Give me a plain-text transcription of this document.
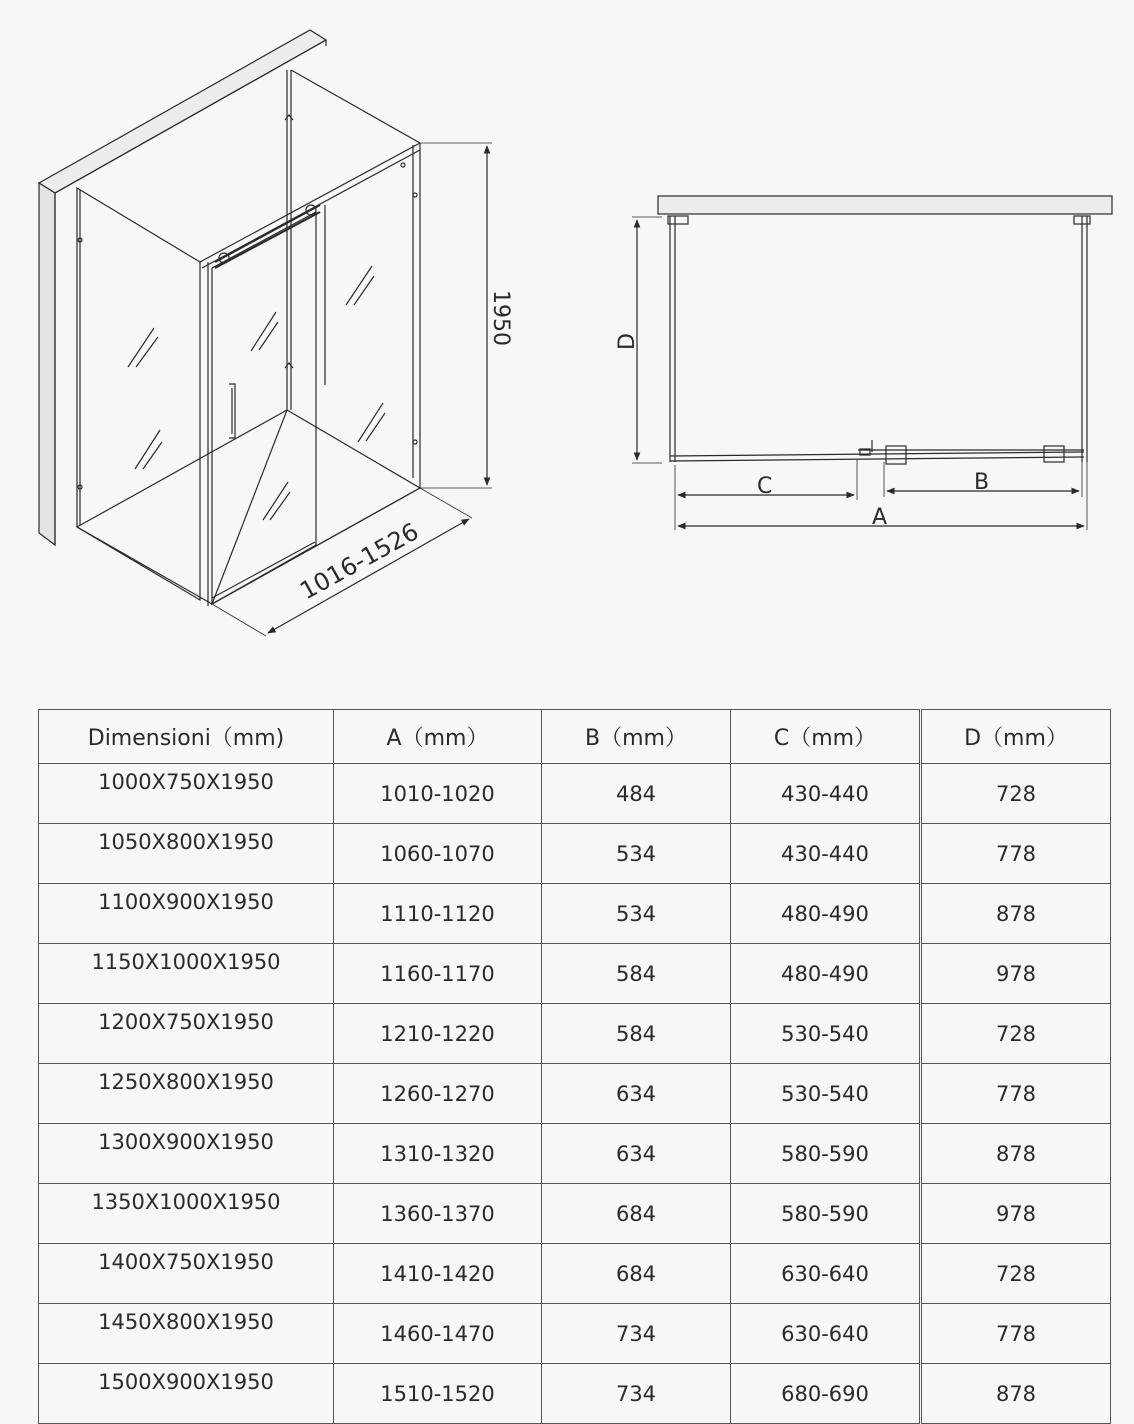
1950
1016-1526
D
C	B
A
Dimensioni（mm)	A（mm）	B（mm）	C（mm）	D（mm）
1000X750X1950	1010-1020	484	430-440	728
1050X800X1950	1060-1070	534	430-440	778
1100X900X1950	1110-1120	534	480-490	878
1150X1000X1950	1160-1170	584	480-490	978
1200X750X1950	1210-1220	584	530-540	728
1250X800X1950	1260-1270	634	530-540	778
1300X900X1950	1310-1320	634	580-590	878
1350X1000X1950	1360-1370	684	580-590	978
1400X750X1950	1410-1420	684	630-640	728
1450X800X1950	1460-1470	734	630-640	778
1500X900X1950	1510-1520	734	680-690	878
